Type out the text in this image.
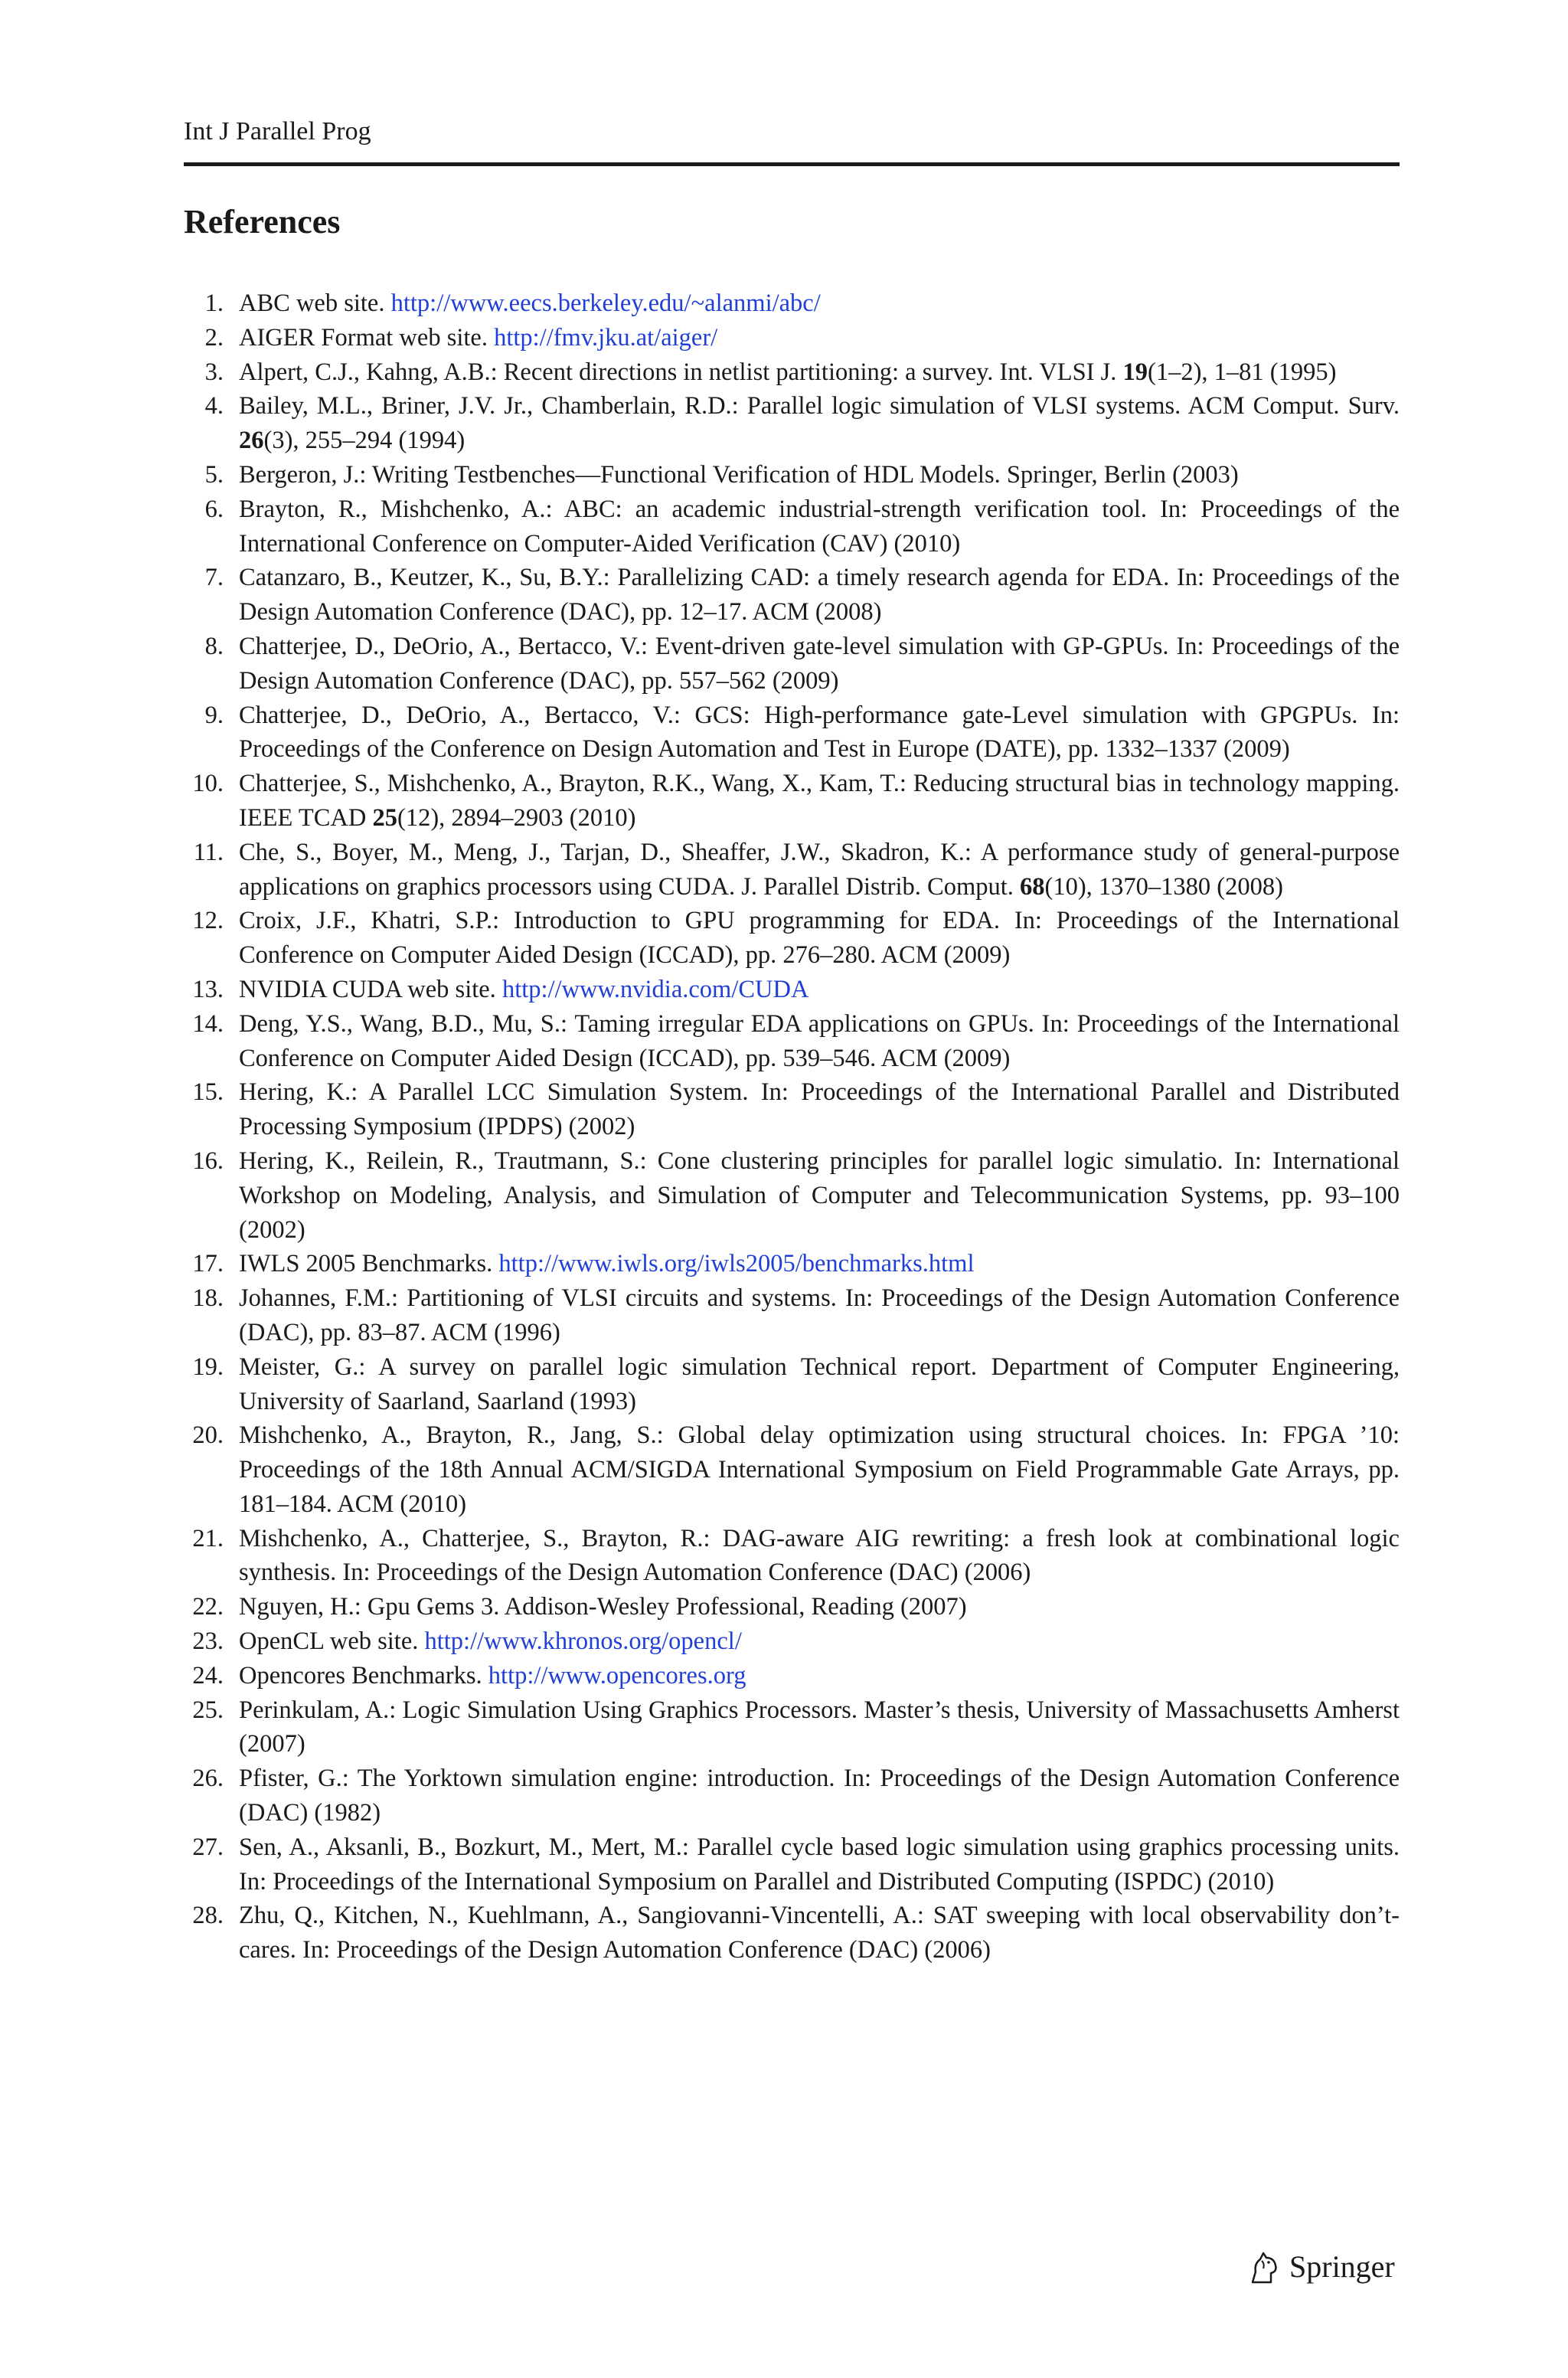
Int J Parallel Prog
References
1. ABC web site. http://www.eecs.berkeley.edu/~alanmi/abc/
2. AIGER Format web site. http://fmv.jku.at/aiger/
3. Alpert, C.J., Kahng, A.B.: Recent directions in netlist partitioning: a survey. Int. VLSI J. 19(1–2), 1–81 (1995)
4. Bailey, M.L., Briner, J.V. Jr., Chamberlain, R.D.: Parallel logic simulation of VLSI systems. ACM Comput. Surv. 26(3), 255–294 (1994)
5. Bergeron, J.: Writing Testbenches—Functional Verification of HDL Models. Springer, Berlin (2003)
6. Brayton, R., Mishchenko, A.: ABC: an academic industrial-strength verification tool. In: Proceedings of the International Conference on Computer-Aided Verification (CAV) (2010)
7. Catanzaro, B., Keutzer, K., Su, B.Y.: Parallelizing CAD: a timely research agenda for EDA. In: Proceedings of the Design Automation Conference (DAC), pp. 12–17. ACM (2008)
8. Chatterjee, D., DeOrio, A., Bertacco, V.: Event-driven gate-level simulation with GP-GPUs. In: Proceedings of the Design Automation Conference (DAC), pp. 557–562 (2009)
9. Chatterjee, D., DeOrio, A., Bertacco, V.: GCS: High-performance gate-Level simulation with GPGPUs. In: Proceedings of the Conference on Design Automation and Test in Europe (DATE), pp. 1332–1337 (2009)
10. Chatterjee, S., Mishchenko, A., Brayton, R.K., Wang, X., Kam, T.: Reducing structural bias in technology mapping. IEEE TCAD 25(12), 2894–2903 (2010)
11. Che, S., Boyer, M., Meng, J., Tarjan, D., Sheaffer, J.W., Skadron, K.: A performance study of general-purpose applications on graphics processors using CUDA. J. Parallel Distrib. Comput. 68(10), 1370–1380 (2008)
12. Croix, J.F., Khatri, S.P.: Introduction to GPU programming for EDA. In: Proceedings of the International Conference on Computer Aided Design (ICCAD), pp. 276–280. ACM (2009)
13. NVIDIA CUDA web site. http://www.nvidia.com/CUDA
14. Deng, Y.S., Wang, B.D., Mu, S.: Taming irregular EDA applications on GPUs. In: Proceedings of the International Conference on Computer Aided Design (ICCAD), pp. 539–546. ACM (2009)
15. Hering, K.: A Parallel LCC Simulation System. In: Proceedings of the International Parallel and Distributed Processing Symposium (IPDPS) (2002)
16. Hering, K., Reilein, R., Trautmann, S.: Cone clustering principles for parallel logic simulatio. In: International Workshop on Modeling, Analysis, and Simulation of Computer and Telecommunication Systems, pp. 93–100 (2002)
17. IWLS 2005 Benchmarks. http://www.iwls.org/iwls2005/benchmarks.html
18. Johannes, F.M.: Partitioning of VLSI circuits and systems. In: Proceedings of the Design Automation Conference (DAC), pp. 83–87. ACM (1996)
19. Meister, G.: A survey on parallel logic simulation Technical report. Department of Computer Engineering, University of Saarland, Saarland (1993)
20. Mishchenko, A., Brayton, R., Jang, S.: Global delay optimization using structural choices. In: FPGA ’10: Proceedings of the 18th Annual ACM/SIGDA International Symposium on Field Programmable Gate Arrays, pp. 181–184. ACM (2010)
21. Mishchenko, A., Chatterjee, S., Brayton, R.: DAG-aware AIG rewriting: a fresh look at combinational logic synthesis. In: Proceedings of the Design Automation Conference (DAC) (2006)
22. Nguyen, H.: Gpu Gems 3. Addison-Wesley Professional, Reading (2007)
23. OpenCL web site. http://www.khronos.org/opencl/
24. Opencores Benchmarks. http://www.opencores.org
25. Perinkulam, A.: Logic Simulation Using Graphics Processors. Master’s thesis, University of Massachusetts Amherst (2007)
26. Pfister, G.: The Yorktown simulation engine: introduction. In: Proceedings of the Design Automation Conference (DAC) (1982)
27. Sen, A., Aksanli, B., Bozkurt, M., Mert, M.: Parallel cycle based logic simulation using graphics processing units. In: Proceedings of the International Symposium on Parallel and Distributed Computing (ISPDC) (2010)
28. Zhu, Q., Kitchen, N., Kuehlmann, A., Sangiovanni-Vincentelli, A.: SAT sweeping with local observability don’t-cares. In: Proceedings of the Design Automation Conference (DAC) (2006)
Springer
